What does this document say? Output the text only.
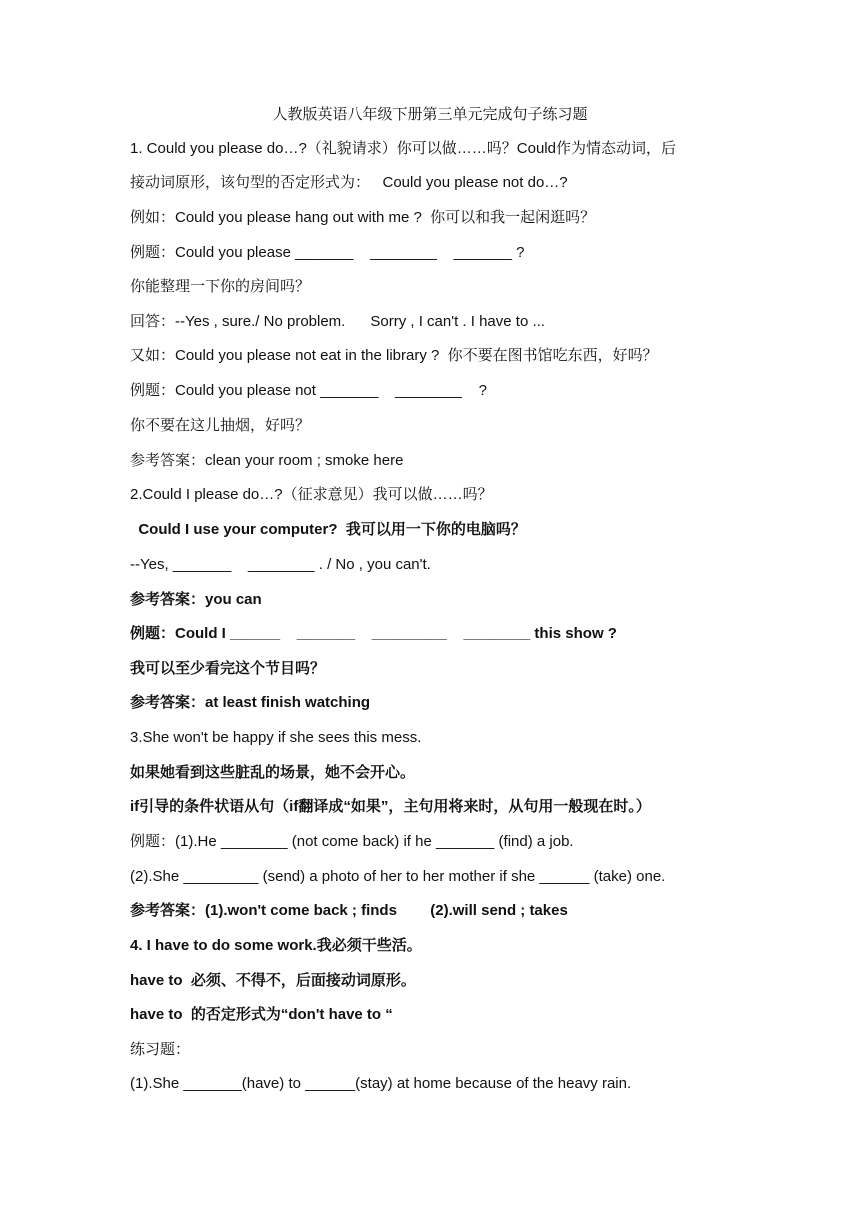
人教版英语八年级下册第三单元完成句子练习题
1. Could you please do…?（礼貌请求）你可以做……吗？Could作为情态动词，后
接动词原形，该句型的否定形式为：   Could you please not do…?
例如：Could you please hang out with me ?  你可以和我一起闲逛吗？
例题：Could you please _______    ________    _______ ?
你能整理一下你的房间吗？
回答：--Yes , sure./ No problem.      Sorry , I can't . I have to ...
又如：Could you please not eat in the library ?  你不要在图书馆吃东西，好吗？
例题：Could you please not _______    ________    ?
你不要在这儿抽烟，好吗？
参考答案：clean your room ; smoke here
2.Could I please do…?（征求意见）我可以做……吗？
Could I use your computer?  我可以用一下你的电脑吗？
--Yes, _______    ________ . / No , you can't.
参考答案：you can
例题：Could I ______    _______    _________    ________ this show ?
我可以至少看完这个节目吗？
参考答案：at least finish watching
3.She won't be happy if she sees this mess.
如果她看到这些脏乱的场景，她不会开心。
if引导的条件状语从句（if翻译成“如果”，主句用将来时，从句用一般现在时。）
例题：(1).He ________ (not come back) if he _______ (find) a job.
(2).She _________ (send) a photo of her to her mother if she ______ (take) one.
参考答案：(1).won't come back ; finds        (2).will send ; takes
4. I have to do some work.我必须干些活。
have to  必须、不得不，后面接动词原形。
have to  的否定形式为“don't have to “
练习题：
(1).She _______(have) to ______(stay) at home because of the heavy rain.
